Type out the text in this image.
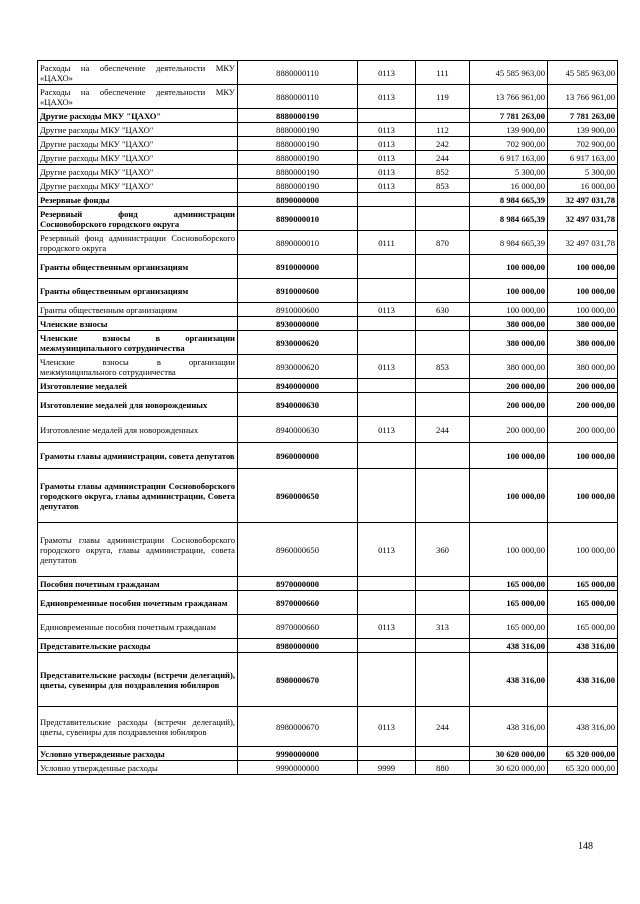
Расходы на обеспечение деятельности МКУ «ЦАХО»	8880000110	0113	111	45 585 963,00	45 585 963,00
Расходы на обеспечение деятельности МКУ «ЦАХО»	8880000110	0113	119	13 766 961,00	13 766 961,00
Другие расходы МКУ "ЦАХО"	8880000190			7 781 263,00	7 781 263,00
Другие расходы МКУ "ЦАХО"	8880000190	0113	112	139 900,00	139 900,00
Другие расходы МКУ "ЦАХО"	8880000190	0113	242	702 900,00	702 900,00
Другие расходы МКУ "ЦАХО"	8880000190	0113	244	6 917 163,00	6 917 163,00
Другие расходы МКУ "ЦАХО"	8880000190	0113	852	5 300,00	5 300,00
Другие расходы МКУ "ЦАХО"	8880000190	0113	853	16 000,00	16 000,00
Резервные фонды	8890000000			8 984 665,39	32 497 031,78
Резервный фонд администрации Сосновоборского городского округа	8890000010			8 984 665,39	32 497 031,78
Резервный фонд администрации Сосновоборского городского округа	8890000010	0111	870	8 984 665,39	32 497 031,78
Гранты общественным организациям	8910000000			100 000,00	100 000,00
Гранты общественным организациям	8910000600			100 000,00	100 000,00
Гранты общественным организациям	8910000600	0113	630	100 000,00	100 000,00
Членские взносы	8930000000			380 000,00	380 000,00
Членские взносы в организации межмуниципального сотрудничества	8930000620			380 000,00	380 000,00
Членские взносы в организации межмуниципального сотрудничества	8930000620	0113	853	380 000,00	380 000,00
Изготовление медалей	8940000000			200 000,00	200 000,00
Изготовление медалей для новорожденных	8940000630			200 000,00	200 000,00
Изготовление медалей для новорожденных	8940000630	0113	244	200 000,00	200 000,00
Грамоты главы администрации, совета депутатов	8960000000			100 000,00	100 000,00
Грамоты главы администрации Сосновоборского городского округа, главы администрации, Совета депутатов	8960000650			100 000,00	100 000,00
Грамоты главы администрации Сосновоборского городского округа, главы администрации, совета депутатов	8960000650	0113	360	100 000,00	100 000,00
Пособия почетным гражданам	8970000000			165 000,00	165 000,00
Единовременные пособия почетным гражданам	8970000660			165 000,00	165 000,00
Единовременные пособия почетным гражданам	8970000660	0113	313	165 000,00	165 000,00
Представительские расходы	8980000000			438 316,00	438 316,00
Представительские расходы (встречи делегаций), цветы, сувениры для поздравления юбиляров	8980000670			438 316,00	438 316,00
Представительские расходы (встречи делегаций), цветы, сувениры для поздравления юбиляров	8980000670	0113	244	438 316,00	438 316,00
Условно утвержденные расходы	9990000000			30 620 000,00	65 320 000,00
Условно утвержденные расходы	9990000000	9999	880	30 620 000,00	65 320 000,00
148
